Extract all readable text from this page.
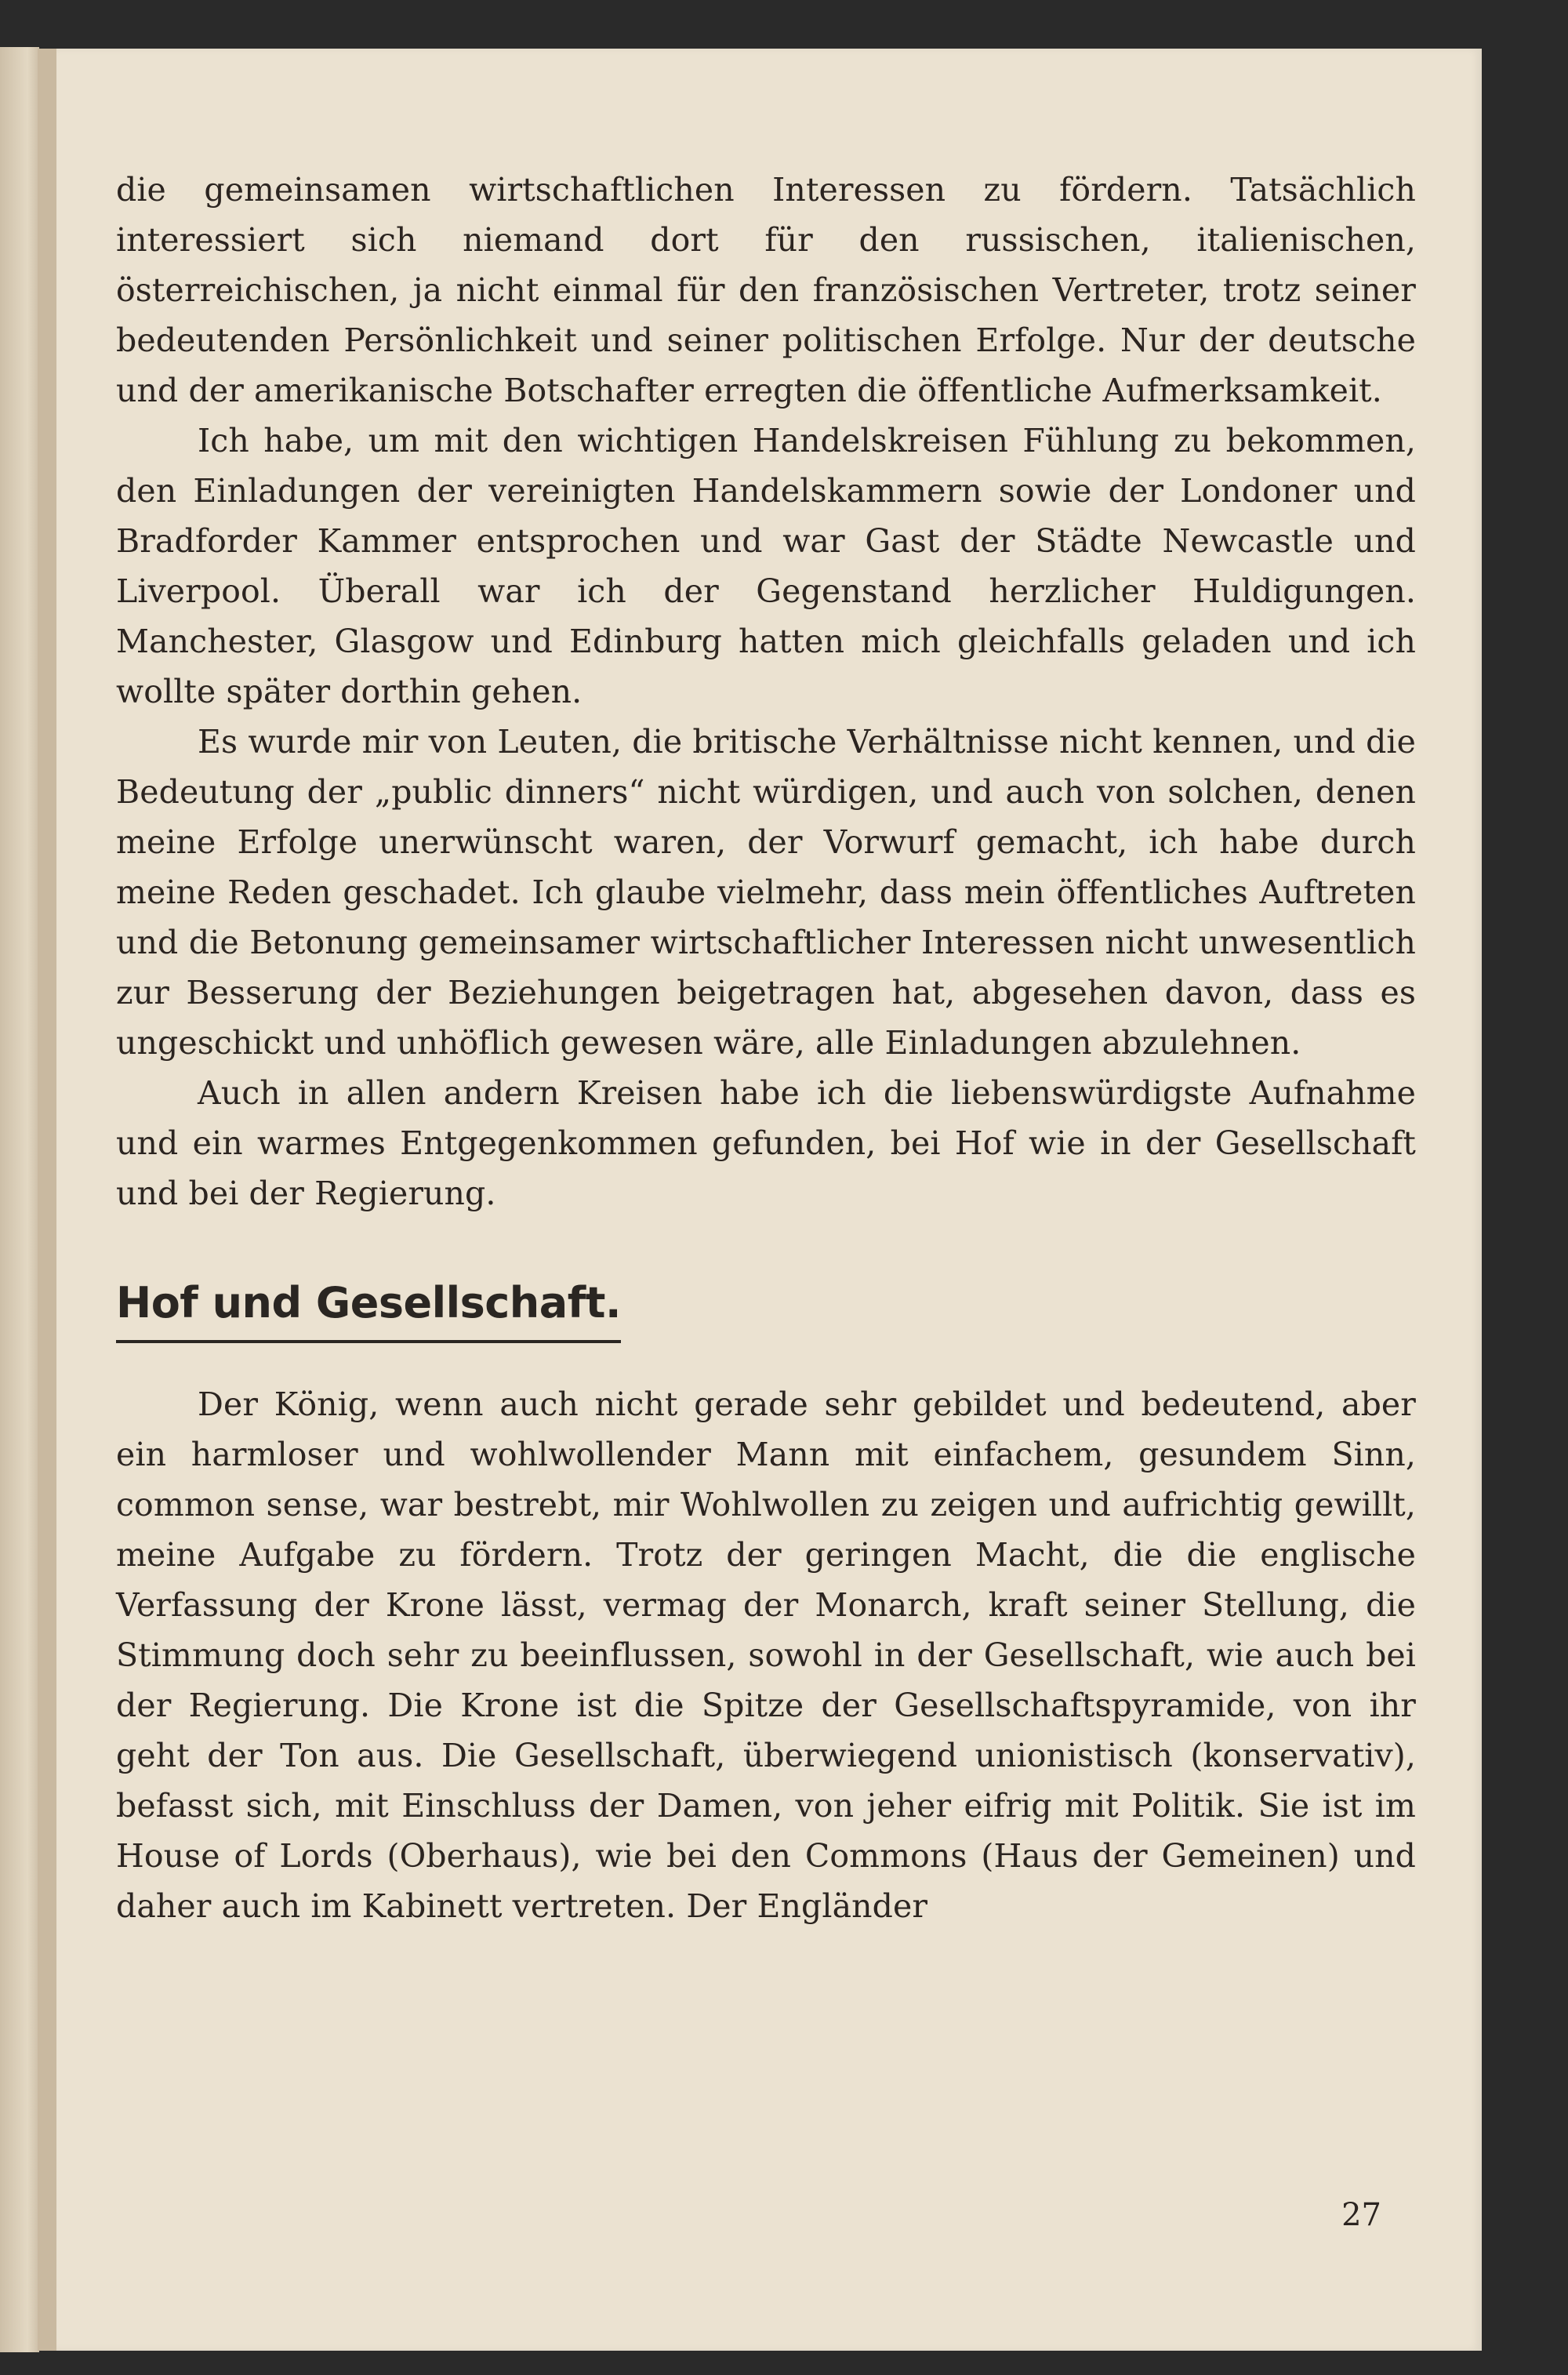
die gemeinsamen wirtschaftlichen Interessen zu fördern. Tatsächlich interessiert sich niemand dort für den russischen, italienischen, österreichischen, ja nicht einmal für den französischen Vertreter, trotz seiner bedeutenden Persönlichkeit und seiner politischen Erfolge. Nur der deutsche und der amerikanische Botschafter erregten die öffentliche Aufmerksamkeit.

Ich habe, um mit den wichtigen Handelskreisen Fühlung zu bekommen, den Einladungen der vereinigten Handelskammern sowie der Londoner und Bradforder Kammer entsprochen und war Gast der Städte Newcastle und Liverpool. Überall war ich der Gegenstand herzlicher Huldigungen. Manchester, Glasgow und Edinburg hatten mich gleichfalls geladen und ich wollte später dorthin gehen.

Es wurde mir von Leuten, die britische Verhältnisse nicht kennen, und die Bedeutung der „public dinners“ nicht würdigen, und auch von solchen, denen meine Erfolge unerwünscht waren, der Vorwurf gemacht, ich habe durch meine Reden geschadet. Ich glaube vielmehr, dass mein öffentliches Auftreten und die Betonung gemeinsamer wirtschaftlicher Interessen nicht unwesentlich zur Besserung der Beziehungen beigetragen hat, abgesehen davon, dass es ungeschickt und unhöflich gewesen wäre, alle Einladungen abzulehnen.

Auch in allen andern Kreisen habe ich die liebenswürdigste Aufnahme und ein warmes Entgegenkommen gefunden, bei Hof wie in der Gesellschaft und bei der Regierung.

Hof und Gesellschaft.

Der König, wenn auch nicht gerade sehr gebildet und bedeutend, aber ein harmloser und wohlwollender Mann mit einfachem, gesundem Sinn, common sense, war bestrebt, mir Wohlwollen zu zeigen und aufrichtig gewillt, meine Aufgabe zu fördern. Trotz der geringen Macht, die die englische Verfassung der Krone lässt, vermag der Monarch, kraft seiner Stellung, die Stimmung doch sehr zu beeinflussen, sowohl in der Gesellschaft, wie auch bei der Regierung. Die Krone ist die Spitze der Gesellschaftspyramide, von ihr geht der Ton aus. Die Gesellschaft, überwiegend unionistisch (konservativ), befasst sich, mit Einschluss der Damen, von jeher eifrig mit Politik. Sie ist im House of Lords (Oberhaus), wie bei den Commons (Haus der Gemeinen) und daher auch im Kabinett vertreten. Der Engländer

27
